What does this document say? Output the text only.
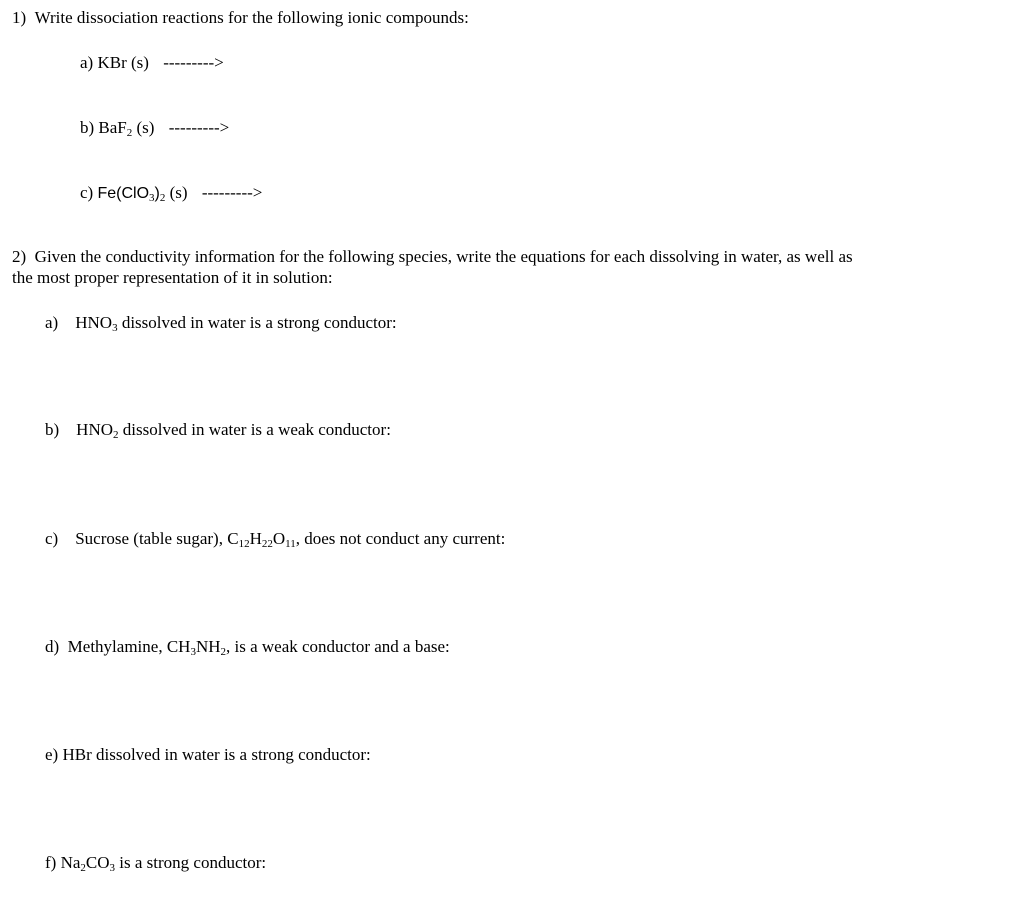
1) Write dissociation reactions for the following ionic compounds:
a) KBr (s) --------->
b) BaF$_2$ (s) --------->
c) $Fe(ClO_3)_2$ (s) --------->
2) Given the conductivity information for the following species, write the equations for each dissolving in water, as well as
the most proper representation of it in solution:
a) $HNO_3$ dissolved in water is a strong conductor:
b) $HNO_2$ dissolved in water is a weak conductor:
c) Sucrose (table sugar), $C_{12}H_{22}O_{11}$, does not conduct any current:
d) Methylamine, $CH_3NH_2$, is a weak conductor and a base:
e) HBr dissolved in water is a strong conductor:
f) $Na_2CO_3$ is a strong conductor:
